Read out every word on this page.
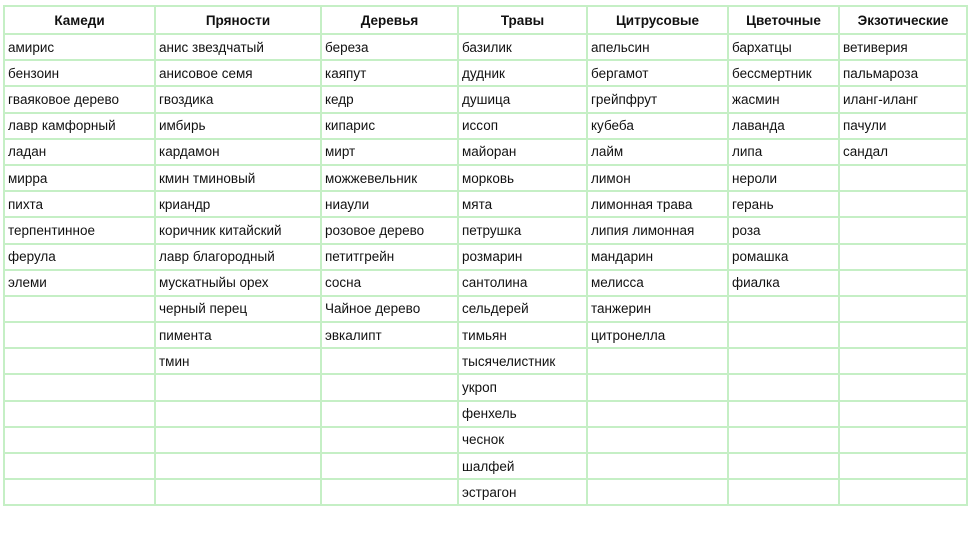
Камеди	Пряности	Деревья	Травы	Цитрусовые	Цветочные	Экзотические
амирис	анис звездчатый	береза	базилик	апельсин	бархатцы	ветиверия
бензоин	анисовое семя	каяпут	дудник	бергамот	бессмертник	пальмароза
гваяковое дерево	гвоздика	кедр	душица	грейпфрут	жасмин	иланг-иланг
лавр камфорный	имбирь	кипарис	иссоп	кубеба	лаванда	пачули
ладан	кардамон	мирт	майоран	лайм	липа	сандал
мирра	кмин тминовый	можжевельник	морковь	лимон	нероли	
пихта	криандр	ниаули	мята	лимонная трава	герань	
терпентинное	коричник китайский	розовое дерево	петрушка	липия лимонная	роза	
ферула	лавр благородный	петитгрейн	розмарин	мандарин	ромашка	
элеми	мускатныйы орех	сосна	сантолина	мелисса	фиалка	
	черный перец	Чайное дерево	сельдерей	танжерин		
	пимента	эвкалипт	тимьян	цитронелла		
	тмин		тысячелистник			
			укроп			
			фенхель			
			чеснок			
			шалфей			
			эстрагон			
